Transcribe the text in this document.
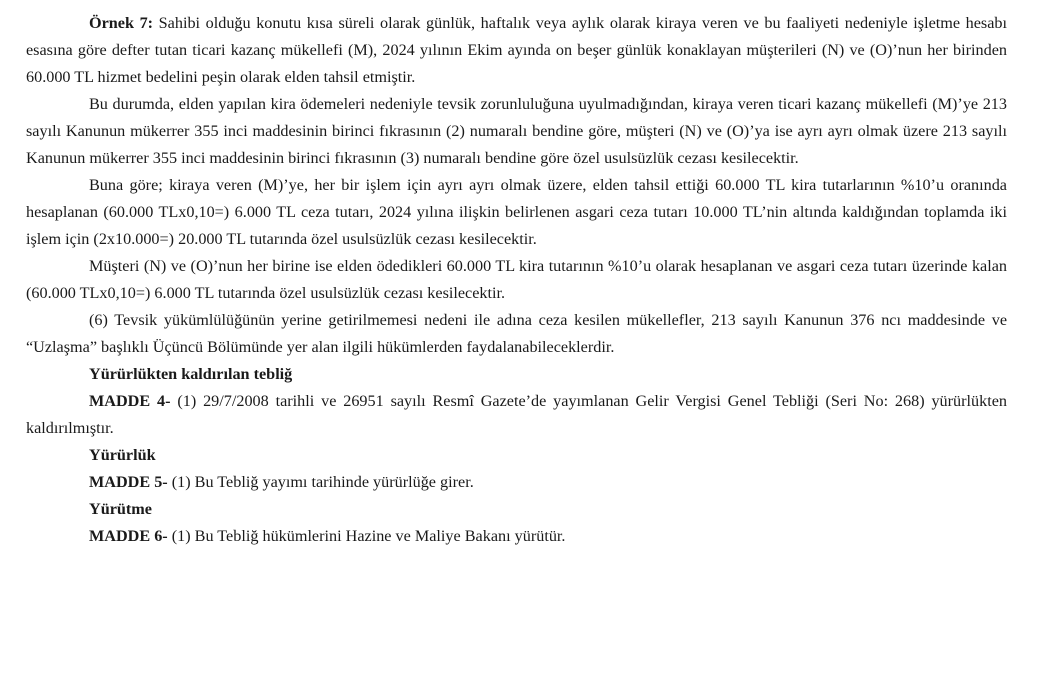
Örnek 7: Sahibi olduğu konutu kısa süreli olarak günlük, haftalık veya aylık olarak kiraya veren ve bu faaliyeti nedeniyle işletme hesabı esasına göre defter tutan ticari kazanç mükellefi (M), 2024 yılının Ekim ayında on beşer günlük konaklayan müşterileri (N) ve (O)’nun her birinden 60.000 TL hizmet bedelini peşin olarak elden tahsil etmiştir.

Bu durumda, elden yapılan kira ödemeleri nedeniyle tevsik zorunluluğuna uyulmadığından, kiraya veren ticari kazanç mükellefi (M)’ye 213 sayılı Kanunun mükerrer 355 inci maddesinin birinci fıkrasının (2) numaralı bendine göre, müşteri (N) ve (O)’ya ise ayrı ayrı olmak üzere 213 sayılı Kanunun mükerrer 355 inci maddesinin birinci fıkrasının (3) numaralı bendine göre özel usulsüzlük cezası kesilecektir.

Buna göre; kiraya veren (M)’ye, her bir işlem için ayrı ayrı olmak üzere, elden tahsil ettiği 60.000 TL kira tutarlarının %10’u oranında hesaplanan (60.000 TLx0,10=) 6.000 TL ceza tutarı, 2024 yılına ilişkin belirlenen asgari ceza tutarı 10.000 TL’nin altında kaldığından toplamda iki işlem için (2x10.000=) 20.000 TL tutarında özel usulsüzlük cezası kesilecektir.

Müşteri (N) ve (O)’nun her birine ise elden ödedikleri 60.000 TL kira tutarının %10’u olarak hesaplanan ve asgari ceza tutarı üzerinde kalan (60.000 TLx0,10=) 6.000 TL tutarında özel usulsüzlük cezası kesilecektir.

(6) Tevsik yükümlülüğünün yerine getirilmemesi nedeni ile adına ceza kesilen mükellefler, 213 sayılı Kanunun 376 ncı maddesinde ve “Uzlaşma” başlıklı Üçüncü Bölümünde yer alan ilgili hükümlerden faydalanabileceklerdir.

Yürürlükten kaldırılan tebliğ

MADDE 4- (1) 29/7/2008 tarihli ve 26951 sayılı Resmî Gazete’de yayımlanan Gelir Vergisi Genel Tebliği (Seri No: 268) yürürlükten kaldırılmıştır.

Yürürlük

MADDE 5- (1) Bu Tebliğ yayımı tarihinde yürürlüğe girer.

Yürütme

MADDE 6- (1) Bu Tebliğ hükümlerini Hazine ve Maliye Bakanı yürütür.
